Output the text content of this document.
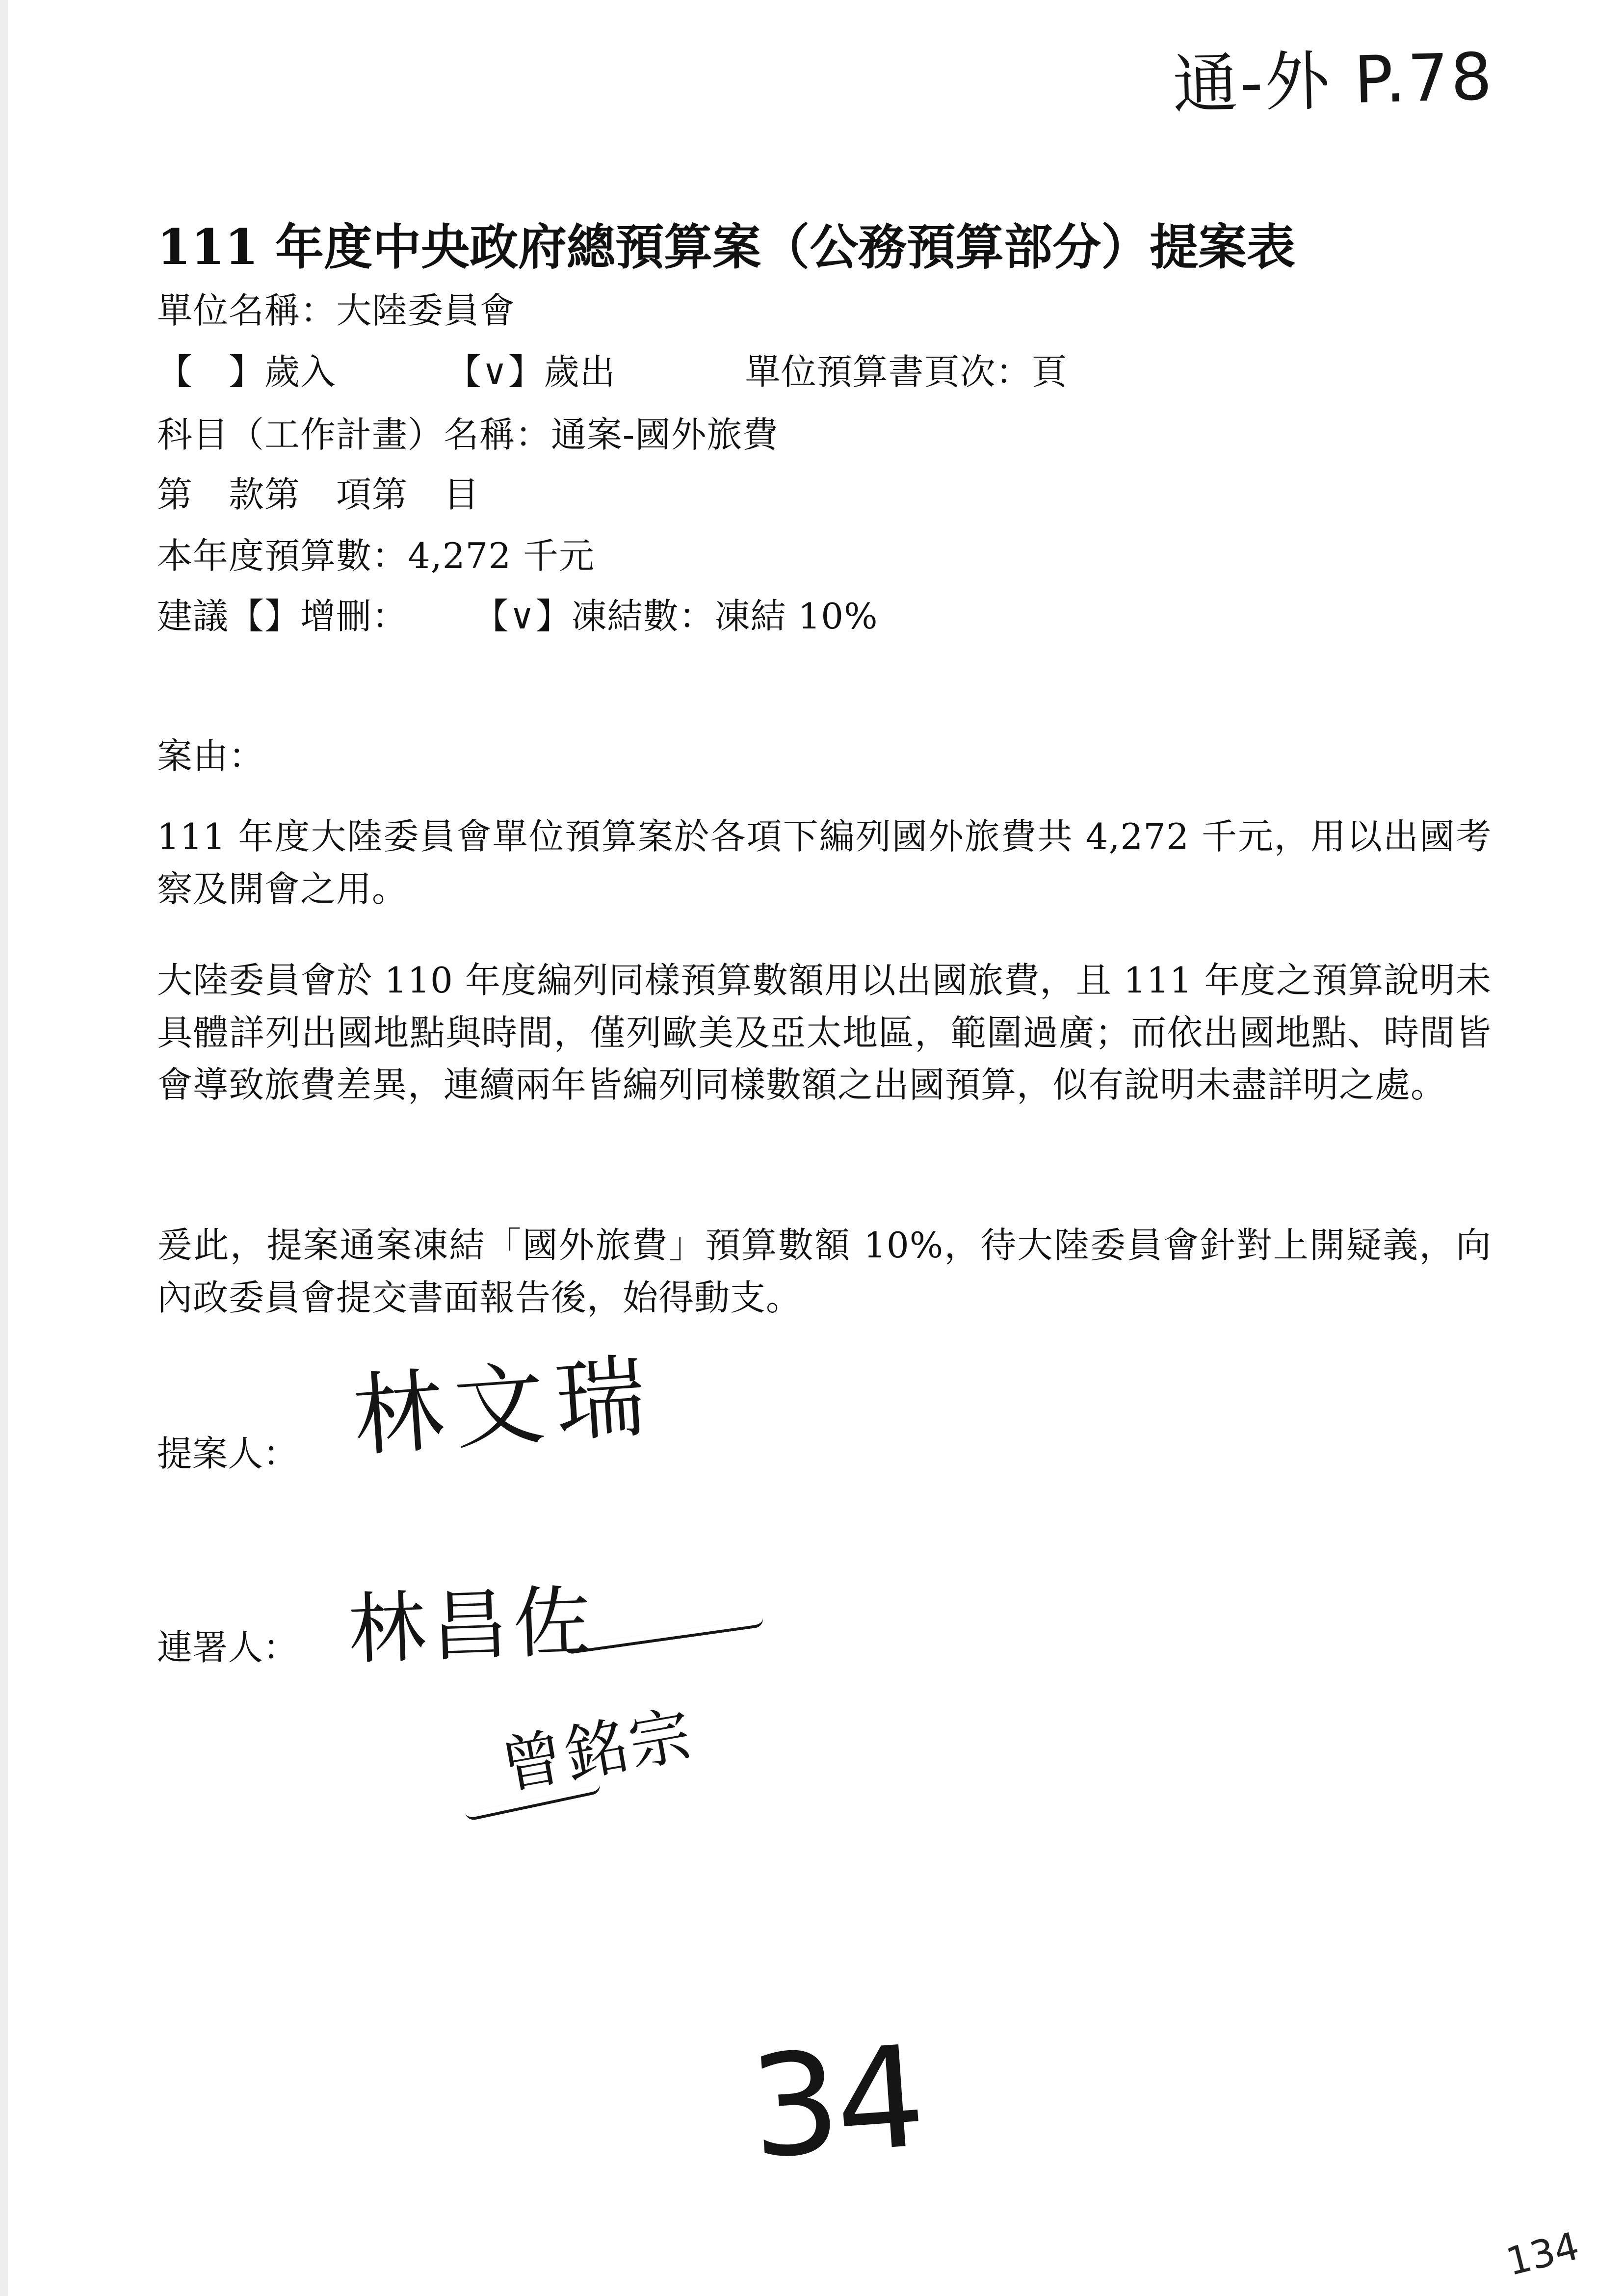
通-外 P.78
111 年度中央政府總預算案（公務預算部分）提案表
單位名稱：大陸委員會
【　】歲入	【∨】歲出	單位預算書頁次：頁
科目（工作計畫）名稱：通案-國外旅費
第　款第　項第　目
本年度預算數：4,272 千元
建議【】增刪： 【∨】凍結數：凍結 10%
案由：
111 年度大陸委員會單位預算案於各項下編列國外旅費共 4,272 千元，用以出國考察及開會之用。
大陸委員會於 110 年度編列同樣預算數額用以出國旅費，且 111 年度之預算說明未具體詳列出國地點與時間，僅列歐美及亞太地區，範圍過廣；而依出國地點、時間皆會導致旅費差異，連續兩年皆編列同樣數額之出國預算，似有說明未盡詳明之處。
爰此，提案通案凍結「國外旅費」預算數額 10%，待大陸委員會針對上開疑義，向內政委員會提交書面報告後，始得動支。
提案人： 林文瑞
連署人： 林昌佐
曾銘宗
34
134
